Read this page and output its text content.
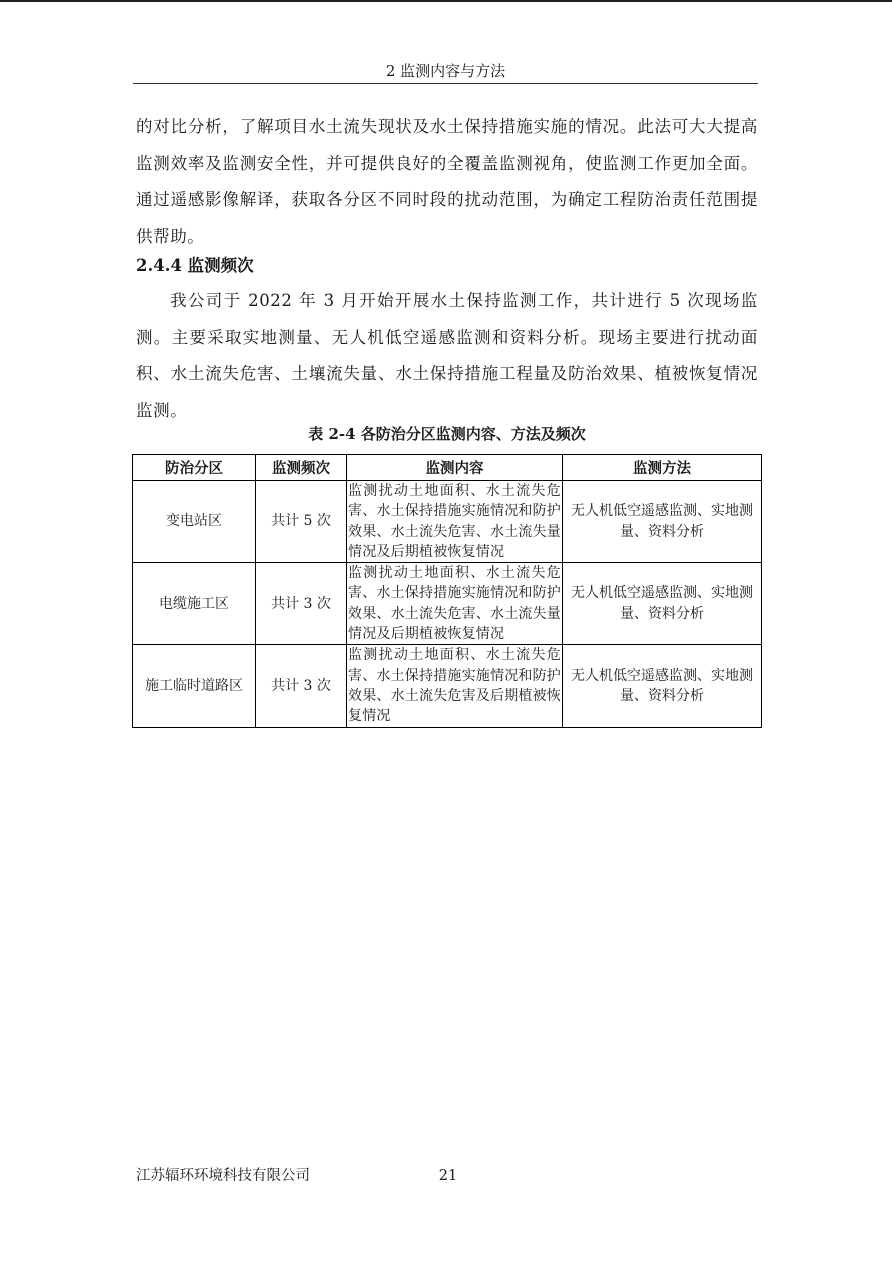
2 监测内容与方法

的对比分析，了解项目水土流失现状及水土保持措施实施的情况。此法可大大提高监测效率及监测安全性，并可提供良好的全覆盖监测视角，使监测工作更加全面。通过遥感影像解译，获取各分区不同时段的扰动范围，为确定工程防治责任范围提供帮助。

2.4.4 监测频次

我公司于 2022 年 3 月开始开展水土保持监测工作，共计进行 5 次现场监测。主要采取实地测量、无人机低空遥感监测和资料分析。现场主要进行扰动面积、水土流失危害、土壤流失量、水土保持措施工程量及防治效果、植被恢复情况监测。

表 2-4 各防治分区监测内容、方法及频次
防治分区	监测频次	监测内容	监测方法
变电站区	共计 5 次	监测扰动土地面积、水土流失危害、水土保持措施实施情况和防护效果、水土流失危害、水土流失量情况及后期植被恢复情况	无人机低空遥感监测、实地测量、资料分析
电缆施工区	共计 3 次	监测扰动土地面积、水土流失危害、水土保持措施实施情况和防护效果、水土流失危害、水土流失量情况及后期植被恢复情况	无人机低空遥感监测、实地测量、资料分析
施工临时道路区	共计 3 次	监测扰动土地面积、水土流失危害、水土保持措施实施情况和防护效果、水土流失危害及后期植被恢复情况	无人机低空遥感监测、实地测量、资料分析
江苏辐环环境科技有限公司	21
